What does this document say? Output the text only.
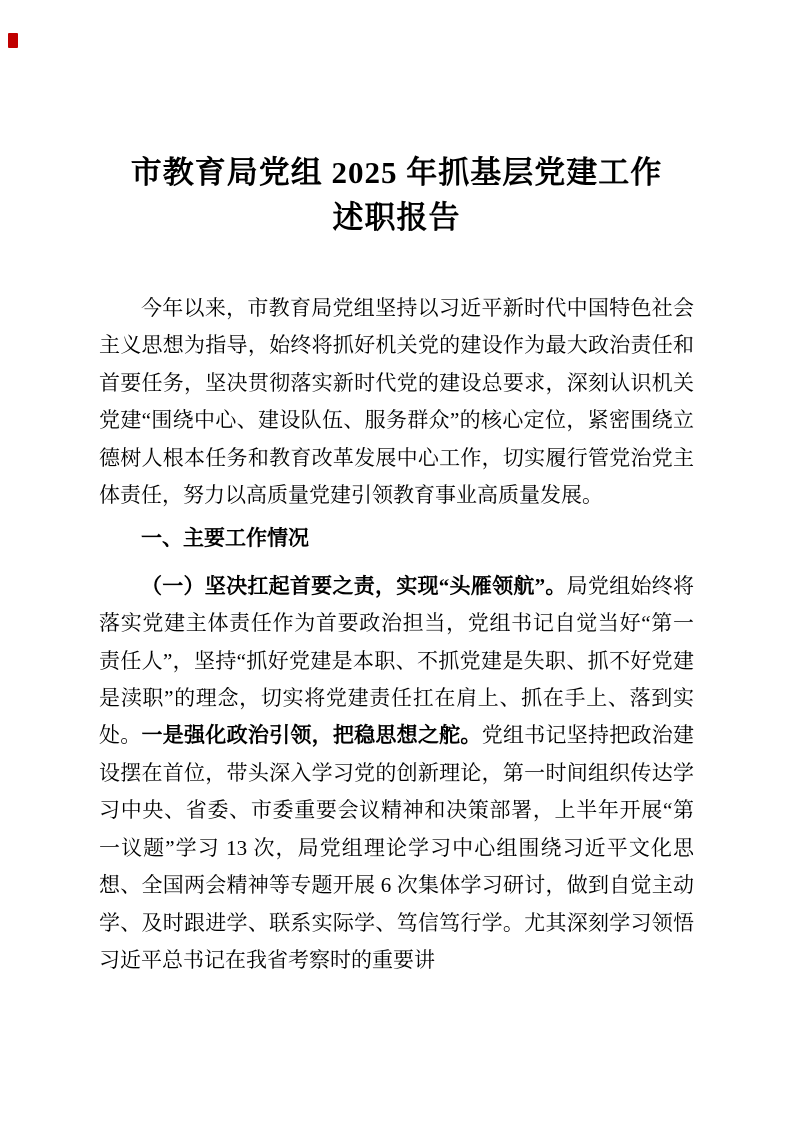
市教育局党组 2025 年抓基层党建工作
述职报告

今年以来，市教育局党组坚持以习近平新时代中国特色社会主义思想为指导，始终将抓好机关党的建设作为最大政治责任和首要任务，坚决贯彻落实新时代党的建设总要求，深刻认识机关党建“围绕中心、建设队伍、服务群众”的核心定位，紧密围绕立德树人根本任务和教育改革发展中心工作，切实履行管党治党主体责任，努力以高质量党建引领教育事业高质量发展。

一、主要工作情况

（一）坚决扛起首要之责，实现“头雁领航”。局党组始终将落实党建主体责任作为首要政治担当，党组书记自觉当好“第一责任人”，坚持“抓好党建是本职、不抓党建是失职、抓不好党建是渎职”的理念，切实将党建责任扛在肩上、抓在手上、落到实处。一是强化政治引领，把稳思想之舵。党组书记坚持把政治建设摆在首位，带头深入学习党的创新理论，第一时间组织传达学习中央、省委、市委重要会议精神和决策部署，上半年开展“第一议题”学习 13 次，局党组理论学习中心组围绕习近平文化思想、全国两会精神等专题开展 6 次集体学习研讨，做到自觉主动学、及时跟进学、联系实际学、笃信笃行学。尤其深刻学习领悟习近平总书记在我省考察时的重要讲
